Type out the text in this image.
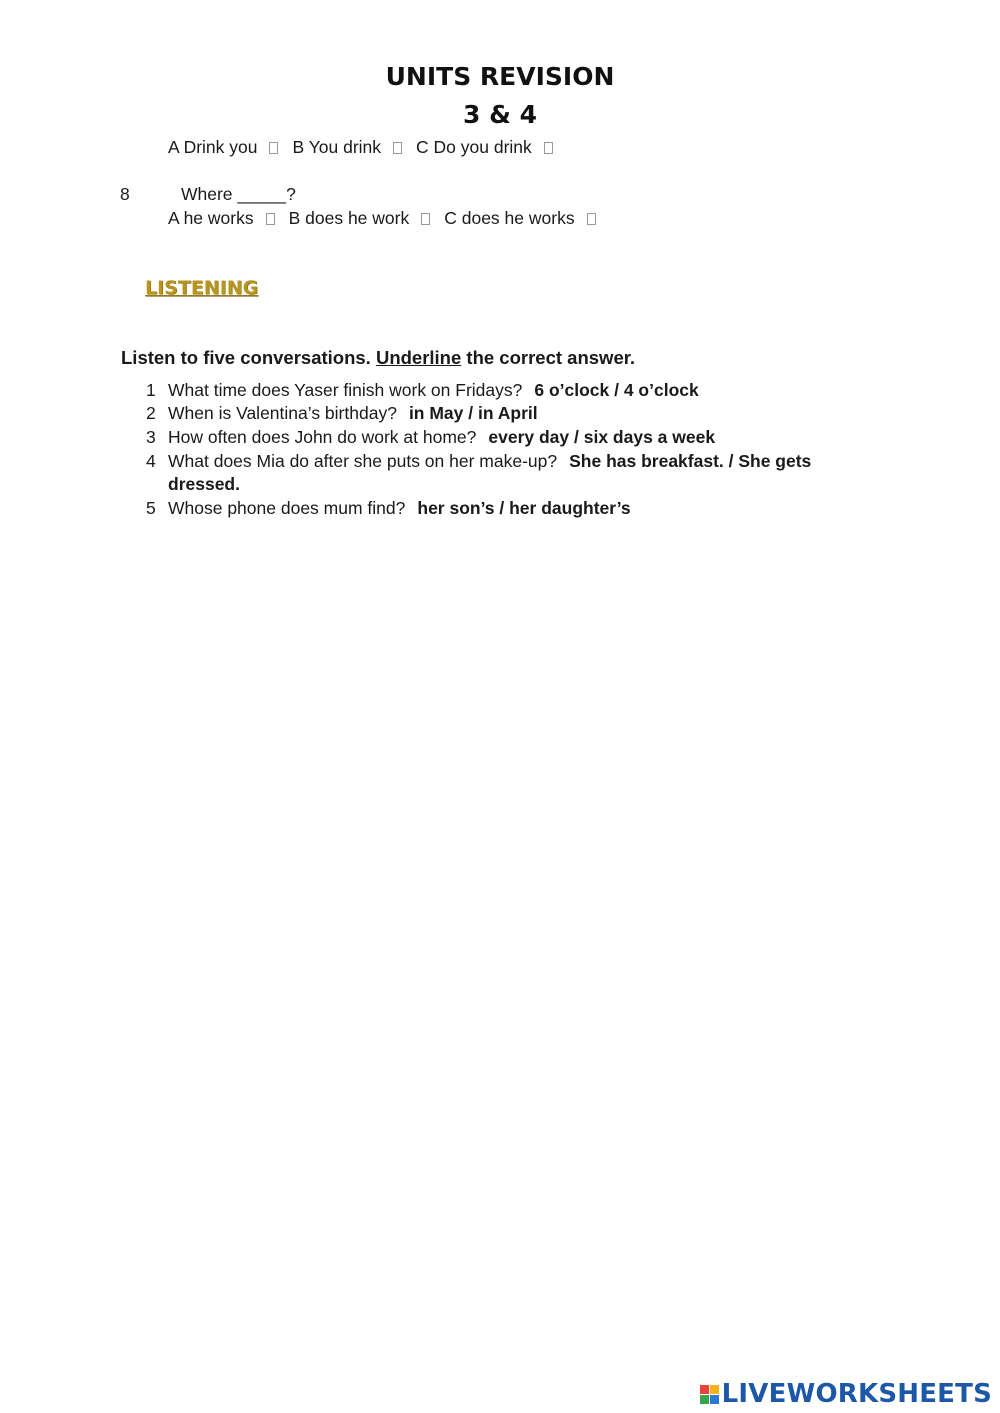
UNITS REVISION
3 & 4
A Drink you B You drink C Do you drink
8	Where _____?
A he works B does he work C does he works
LISTENING
Listen to five conversations. Underline the correct answer.
1 What time does Yaser finish work on Fridays? 6 o’clock / 4 o’clock
2 When is Valentina’s birthday? in May / in April
3 How often does John do work at home? every day / six days a week
4 What does Mia do after she puts on her make-up? She has breakfast. / She gets
dressed.
5 Whose phone does mum find? her son’s / her daughter’s
LIVEWORKSHEETS
